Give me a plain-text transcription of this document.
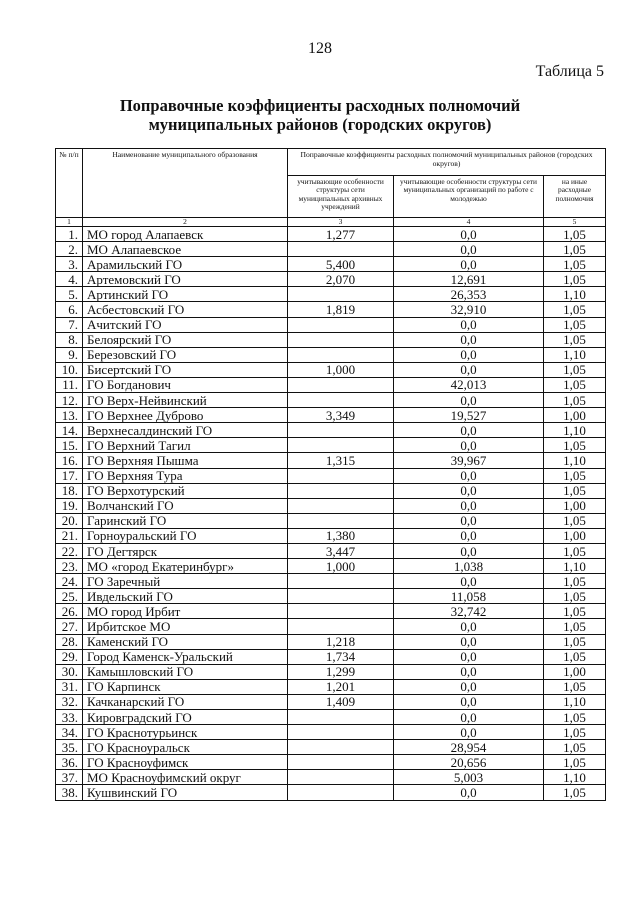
128
Таблица 5
Поправочные коэффициенты расходных полномочий
муниципальных районов (городских округов)
№ п/п	Наименование муниципального образования	Поправочные коэффициенты расходных полномочий муниципальных районов (городских округов)		
		учитывающие особенности структуры сети муниципальных архивных учреждений	учитывающие особенности структуры сети муниципальных организаций по работе с молодежью	на иные расходные полномочия
1	2	3	4	5
1.	МО город Алапаевск	1,277	0,0	1,05
2.	МО Алапаевское		0,0	1,05
3.	Арамильский ГО	5,400	0,0	1,05
4.	Артемовский ГО	2,070	12,691	1,05
5.	Артинский ГО		26,353	1,10
6.	Асбестовский ГО	1,819	32,910	1,05
7.	Ачитский ГО		0,0	1,05
8.	Белоярский ГО		0,0	1,05
9.	Березовский ГО		0,0	1,10
10.	Бисертский ГО	1,000	0,0	1,05
11.	ГО Богданович		42,013	1,05
12.	ГО Верх-Нейвинский		0,0	1,05
13.	ГО Верхнее Дуброво	3,349	19,527	1,00
14.	Верхнесалдинский ГО		0,0	1,10
15.	ГО Верхний Тагил		0,0	1,05
16.	ГО Верхняя Пышма	1,315	39,967	1,10
17.	ГО Верхняя Тура		0,0	1,05
18.	ГО Верхотурский		0,0	1,05
19.	Волчанский ГО		0,0	1,00
20.	Гаринский ГО		0,0	1,05
21.	Горноуральский ГО	1,380	0,0	1,00
22.	ГО Дегтярск	3,447	0,0	1,05
23.	МО «город Екатеринбург»	1,000	1,038	1,10
24.	ГО Заречный		0,0	1,05
25.	Ивдельский ГО		11,058	1,05
26.	МО город Ирбит		32,742	1,05
27.	Ирбитское МО		0,0	1,05
28.	Каменский ГО	1,218	0,0	1,05
29.	Город Каменск-Уральский	1,734	0,0	1,05
30.	Камышловский ГО	1,299	0,0	1,00
31.	ГО Карпинск	1,201	0,0	1,05
32.	Качканарский ГО	1,409	0,0	1,10
33.	Кировградский ГО		0,0	1,05
34.	ГО Краснотурьинск		0,0	1,05
35.	ГО Красноуральск		28,954	1,05
36.	ГО Красноуфимск		20,656	1,05
37.	МО Красноуфимский округ		5,003	1,10
38.	Кушвинский ГО		0,0	1,05
